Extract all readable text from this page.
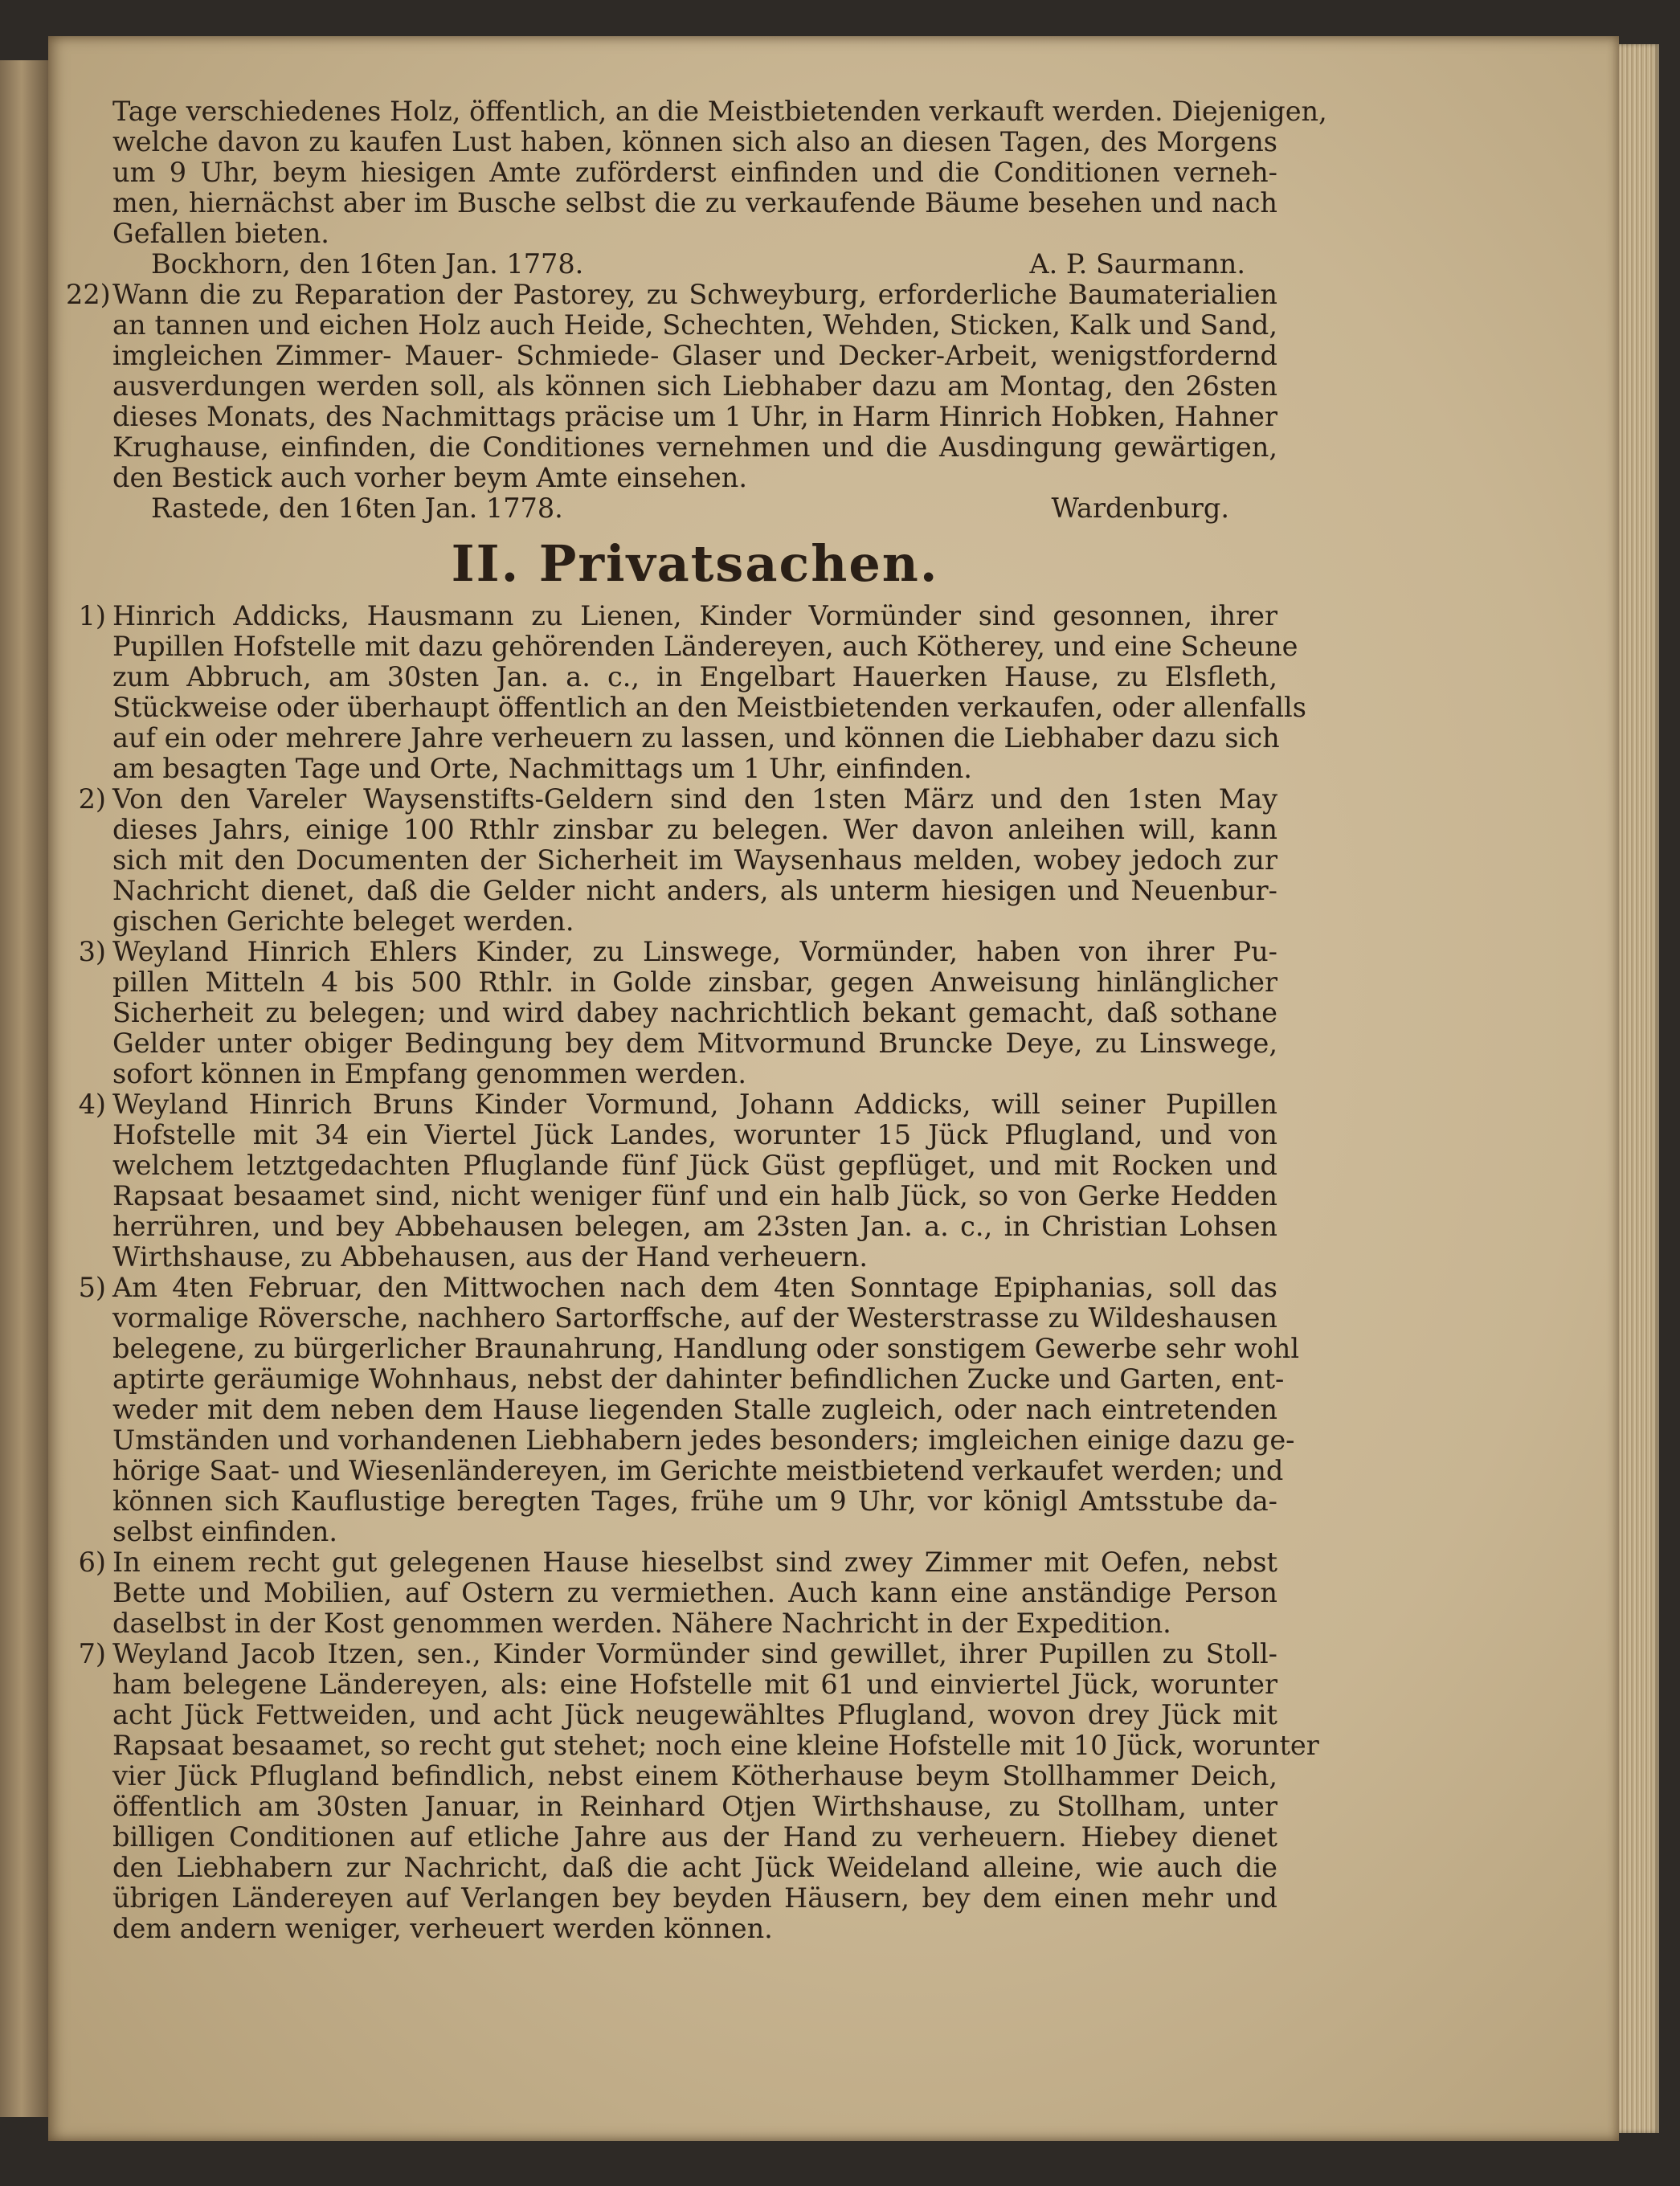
Tage verschiedenes Holz, öffentlich, an die Meistbietenden verkauft werden. Diejenigen,
welche davon zu kaufen Lust haben, können sich also an diesen Tagen, des Morgens
um 9 Uhr, beym hiesigen Amte zuförderst einfinden und die Conditionen verneh-
men, hiernächst aber im Busche selbst die zu verkaufende Bäume besehen und nach
Gefallen bieten.
Bockhorn, den 16ten Jan. 1778.	A. P. Saurmann.
22) Wann die zu Reparation der Pastorey, zu Schweyburg, erforderliche Baumaterialien
an tannen und eichen Holz auch Heide, Schechten, Wehden, Sticken, Kalk und Sand,
imgleichen Zimmer- Mauer- Schmiede- Glaser und Decker-Arbeit, wenigstfordernd
ausverdungen werden soll, als können sich Liebhaber dazu am Montag, den 26sten
dieses Monats, des Nachmittags präcise um 1 Uhr, in Harm Hinrich Hobken, Hahner
Krughause, einfinden, die Conditiones vernehmen und die Ausdingung gewärtigen,
den Bestick auch vorher beym Amte einsehen.
Rastede, den 16ten Jan. 1778.	Wardenburg.
II. Privatsachen.
1) Hinrich Addicks, Hausmann zu Lienen, Kinder Vormünder sind gesonnen, ihrer
Pupillen Hofstelle mit dazu gehörenden Ländereyen, auch Kötherey, und eine Scheune
zum Abbruch, am 30sten Jan. a. c., in Engelbart Hauerken Hause, zu Elsfleth,
Stückweise oder überhaupt öffentlich an den Meistbietenden verkaufen, oder allenfalls
auf ein oder mehrere Jahre verheuern zu lassen, und können die Liebhaber dazu sich
am besagten Tage und Orte, Nachmittags um 1 Uhr, einfinden.
2) Von den Vareler Waysenstifts-Geldern sind den 1sten März und den 1sten May
dieses Jahrs, einige 100 Rthlr zinsbar zu belegen. Wer davon anleihen will, kann
sich mit den Documenten der Sicherheit im Waysenhaus melden, wobey jedoch zur
Nachricht dienet, daß die Gelder nicht anders, als unterm hiesigen und Neuenbur-
gischen Gerichte beleget werden.
3) Weyland Hinrich Ehlers Kinder, zu Linswege, Vormünder, haben von ihrer Pu-
pillen Mitteln 4 bis 500 Rthlr. in Golde zinsbar, gegen Anweisung hinlänglicher
Sicherheit zu belegen; und wird dabey nachrichtlich bekant gemacht, daß sothane
Gelder unter obiger Bedingung bey dem Mitvormund Bruncke Deye, zu Linswege,
sofort können in Empfang genommen werden.
4) Weyland Hinrich Bruns Kinder Vormund, Johann Addicks, will seiner Pupillen
Hofstelle mit 34 ein Viertel Jück Landes, worunter 15 Jück Pflugland, und von
welchem letztgedachten Pfluglande fünf Jück Güst gepflüget, und mit Rocken und
Rapsaat besaamet sind, nicht weniger fünf und ein halb Jück, so von Gerke Hedden
herrühren, und bey Abbehausen belegen, am 23sten Jan. a. c., in Christian Lohsen
Wirthshause, zu Abbehausen, aus der Hand verheuern.
5) Am 4ten Februar, den Mittwochen nach dem 4ten Sonntage Epiphanias, soll das
vormalige Röversche, nachhero Sartorffsche, auf der Westerstrasse zu Wildeshausen
belegene, zu bürgerlicher Braunahrung, Handlung oder sonstigem Gewerbe sehr wohl
aptirte geräumige Wohnhaus, nebst der dahinter befindlichen Zucke und Garten, ent-
weder mit dem neben dem Hause liegenden Stalle zugleich, oder nach eintretenden
Umständen und vorhandenen Liebhabern jedes besonders; imgleichen einige dazu ge-
hörige Saat- und Wiesenländereyen, im Gerichte meistbietend verkaufet werden; und
können sich Kauflustige beregten Tages, frühe um 9 Uhr, vor königl Amtsstube da-
selbst einfinden.
6) In einem recht gut gelegenen Hause hieselbst sind zwey Zimmer mit Oefen, nebst
Bette und Mobilien, auf Ostern zu vermiethen. Auch kann eine anständige Person
daselbst in der Kost genommen werden. Nähere Nachricht in der Expedition.
7) Weyland Jacob Itzen, sen., Kinder Vormünder sind gewillet, ihrer Pupillen zu Stoll-
ham belegene Ländereyen, als: eine Hofstelle mit 61 und einviertel Jück, worunter
acht Jück Fettweiden, und acht Jück neugewähltes Pflugland, wovon drey Jück mit
Rapsaat besaamet, so recht gut stehet; noch eine kleine Hofstelle mit 10 Jück, worunter
vier Jück Pflugland befindlich, nebst einem Kötherhause beym Stollhammer Deich,
öffentlich am 30sten Januar, in Reinhard Otjen Wirthshause, zu Stollham, unter
billigen Conditionen auf etliche Jahre aus der Hand zu verheuern. Hiebey dienet
den Liebhabern zur Nachricht, daß die acht Jück Weideland alleine, wie auch die
übrigen Ländereyen auf Verlangen bey beyden Häusern, bey dem einen mehr und
dem andern weniger, verheuert werden können.
